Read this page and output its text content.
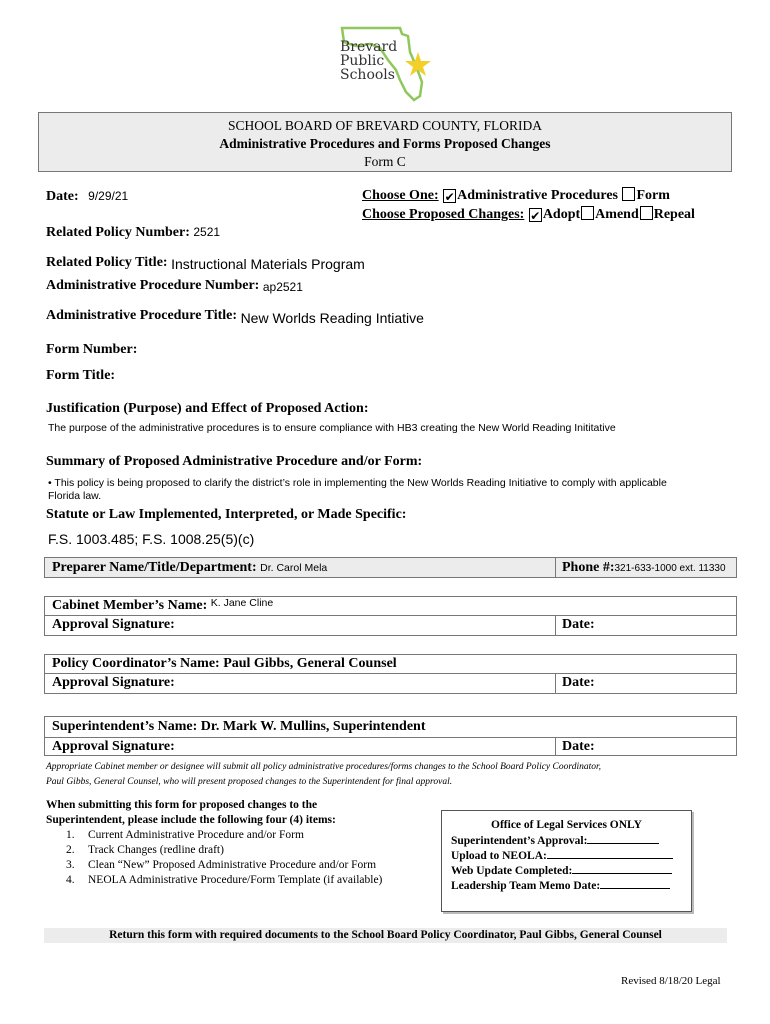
Brevard
Public
Schools
SCHOOL BOARD OF BREVARD COUNTY, FLORIDA
Administrative Procedures and Forms Proposed Changes
Form C
Date: 9/29/21	Choose One: ✔ Administrative Procedures Form
Choose Proposed Changes: ✔ Adopt Amend Repeal
Related Policy Number: 2521
Related Policy Title: Instructional Materials Program
Administrative Procedure Number: ap2521
Administrative Procedure Title: New Worlds Reading Intiative
Form Number:
Form Title:
Justification (Purpose) and Effect of Proposed Action:
The purpose of the administrative procedures is to ensure compliance with HB3 creating the New World Reading Inititative
Summary of Proposed Administrative Procedure and/or Form:
• This policy is being proposed to clarify the district’s role in implementing the New Worlds Reading Initiative to comply with applicable
Florida law.
Statute or Law Implemented, Interpreted, or Made Specific:
F.S. 1003.485; F.S. 1008.25(5)(c)
Preparer Name/Title/Department: Dr. Carol Mela	Phone #:321-633-1000 ext. 11330
Cabinet Member’s Name: $^{K. Jane Cline}$
Approval Signature:	Date:
Policy Coordinator’s Name: Paul Gibbs, General Counsel
Approval Signature:	Date:
Superintendent’s Name: Dr. Mark W. Mullins, Superintendent
Approval Signature:	Date:
Appropriate Cabinet member or designee will submit all policy administrative procedures/forms changes to the School Board Policy Coordinator,
Paul Gibbs, General Counsel, who will present proposed changes to the Superintendent for final approval.
When submitting this form for proposed changes to the
Superintendent, please include the following four (4) items:
1. Current Administrative Procedure and/or Form
2. Track Changes (redline draft)
3. Clean “New” Proposed Administrative Procedure and/or Form
4. NEOLA Administrative Procedure/Form Template (if available)
Office of Legal Services ONLY
Superintendent’s Approval:
Upload to NEOLA:
Web Update Completed:
Leadership Team Memo Date:
Return this form with required documents to the School Board Policy Coordinator, Paul Gibbs, General Counsel
Revised 8/18/20 Legal
